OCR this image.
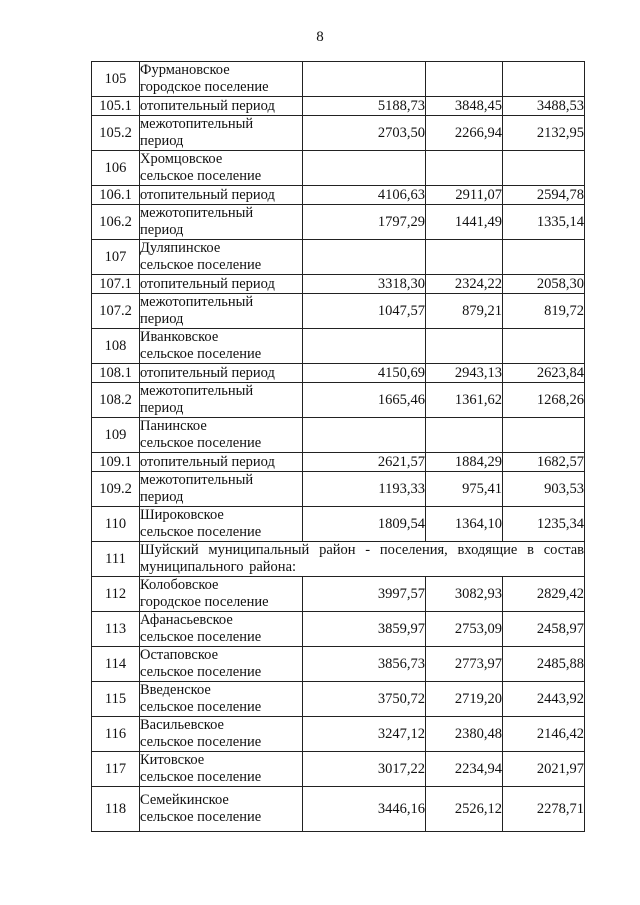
8
105	Фурмановское
городское поселение			

105.1	отопительный период	5188,73	3848,45	3488,53
105.2	межотопительный
период	2703,50	2266,94	2132,95
106	Хромцовское
сельское поселение			

106.1	отопительный период	4106,63	2911,07	2594,78
106.2	межотопительный
период	1797,29	1441,49	1335,14
107	Дуляпинское
сельское поселение			

107.1	отопительный период	3318,30	2324,22	2058,30
107.2	межотопительный
период	1047,57	879,21	819,72
108	Иванковское
сельское поселение			

108.1	отопительный период	4150,69	2943,13	2623,84
108.2	межотопительный
период	1665,46	1361,62	1268,26
109	Панинское
сельское поселение			

109.1	отопительный период	2621,57	1884,29	1682,57
109.2	межотопительный
период	1193,33	975,41	903,53
110	Широковское
сельское поселение	1809,54	1364,10	1235,34
111	Шуйский муниципальный район - поселения, входящие в состав муниципального района:			
112	Колобовское
городское поселение	3997,57	3082,93	2829,42
113	Афанасьевское
сельское поселение	3859,97	2753,09	2458,97
114	Остаповское
сельское поселение	3856,73	2773,97	2485,88
115	Введенское
сельское поселение	3750,72	2719,20	2443,92
116	Васильевское
сельское поселение	3247,12	2380,48	2146,42
117	Китовское
сельское поселение	3017,22	2234,94	2021,97
118	Семейкинское
сельское поселение	3446,16	2526,12	2278,71
